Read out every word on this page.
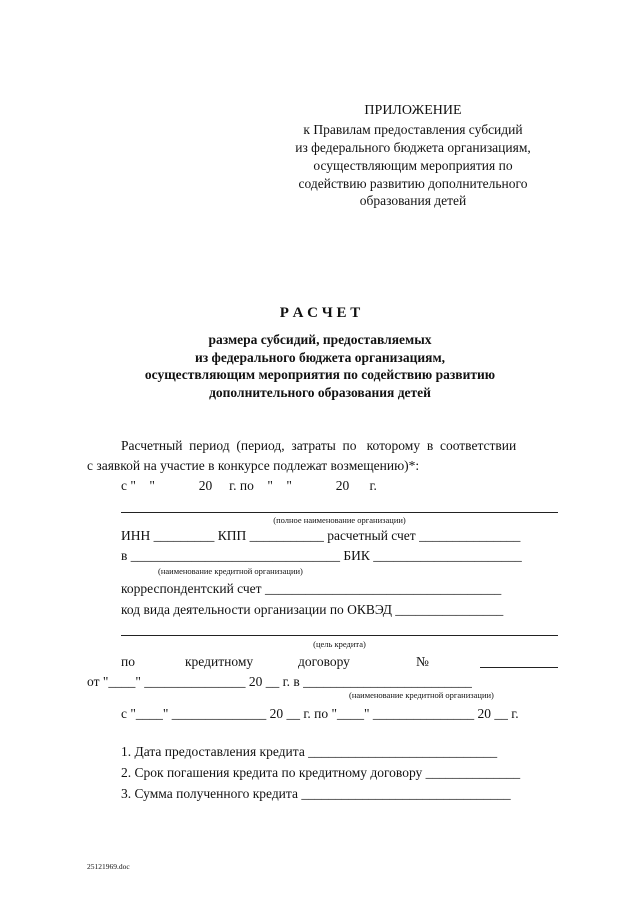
ПРИЛОЖЕНИЕ
к Правилам предоставления субсидий
из федерального бюджета организациям,
осуществляющим мероприятия по
содействию развитию дополнительного
образования детей
Р А С Ч Е Т
размера субсидий, предоставляемых
из федерального бюджета организациям,
осуществляющим мероприятия по содействию развитию
дополнительного образования детей
Расчетный  период  (период,  затраты  по   которому  в  соответствии
с заявкой на участие в конкурсе подлежат возмещению)*:
с "    "             20     г. по    "    "             20      г.
(полное наименование организации)
ИНН _________ КПП ___________ расчетный счет _______________
в _______________________________ БИК ______________________
(наименование кредитной организации)
корреспондентский счет ___________________________________
код вида деятельности организации по ОКВЭД ________________
(цель кредита)
по	кредитному	договору	№
от "____" _______________ 20 __ г. в _________________________
(наименование кредитной организации)
с "____" ______________ 20 __ г. по "____" _______________ 20 __ г.
1. Дата предоставления кредита ____________________________
2. Срок погашения кредита по кредитному договору ______________
3. Сумма полученного кредита _______________________________
25121969.doc
